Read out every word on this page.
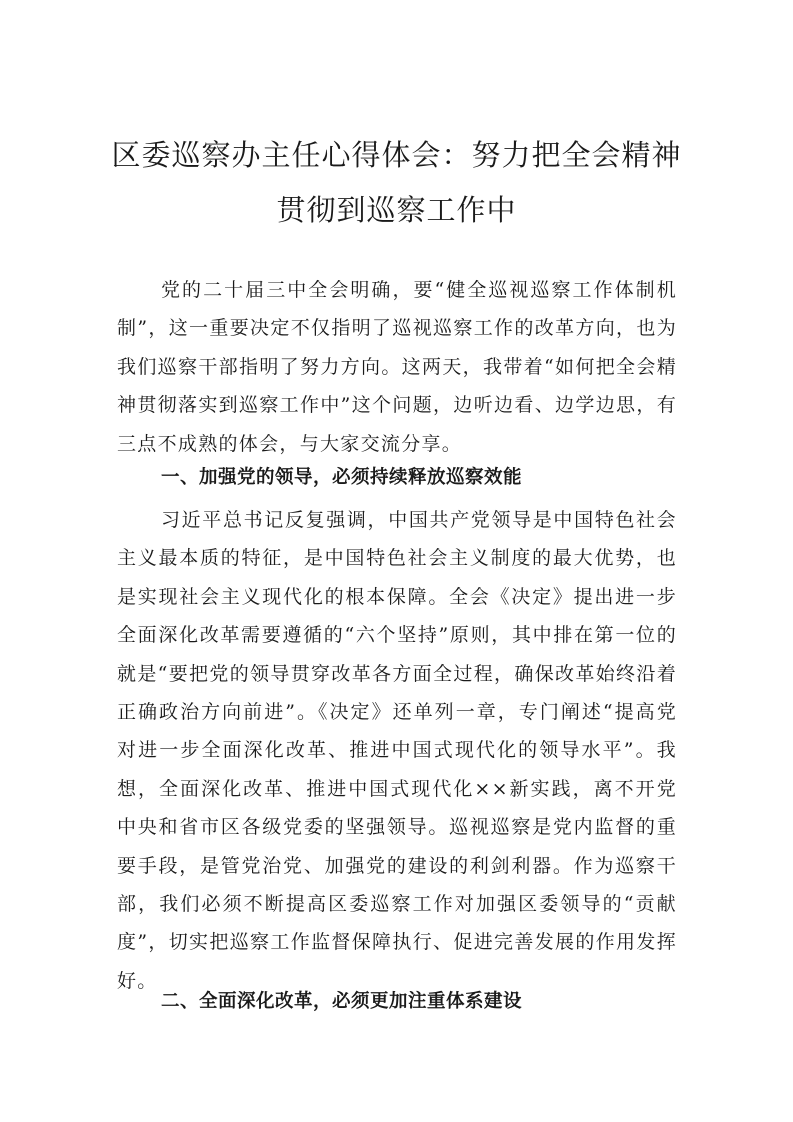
区委巡察办主任心得体会：努力把全会精神
贯彻到巡察工作中

党的二十届三中全会明确，要“健全巡视巡察工作体制机制”，这一重要决定不仅指明了巡视巡察工作的改革方向，也为我们巡察干部指明了努力方向。这两天，我带着“如何把全会精神贯彻落实到巡察工作中”这个问题，边听边看、边学边思，有三点不成熟的体会，与大家交流分享。

一、加强党的领导，必须持续释放巡察效能

习近平总书记反复强调，中国共产党领导是中国特色社会主义最本质的特征，是中国特色社会主义制度的最大优势，也是实现社会主义现代化的根本保障。全会《决定》提出进一步全面深化改革需要遵循的“六个坚持”原则，其中排在第一位的就是“要把党的领导贯穿改革各方面全过程，确保改革始终沿着正确政治方向前进”。《决定》还单列一章，专门阐述“提高党对进一步全面深化改革、推进中国式现代化的领导水平”。我想，全面深化改革、推进中国式现代化××新实践，离不开党中央和省市区各级党委的坚强领导。巡视巡察是党内监督的重要手段，是管党治党、加强党的建设的利剑利器。作为巡察干部，我们必须不断提高区委巡察工作对加强区委领导的“贡献度”，切实把巡察工作监督保障执行、促进完善发展的作用发挥好。

二、全面深化改革，必须更加注重体系建设
